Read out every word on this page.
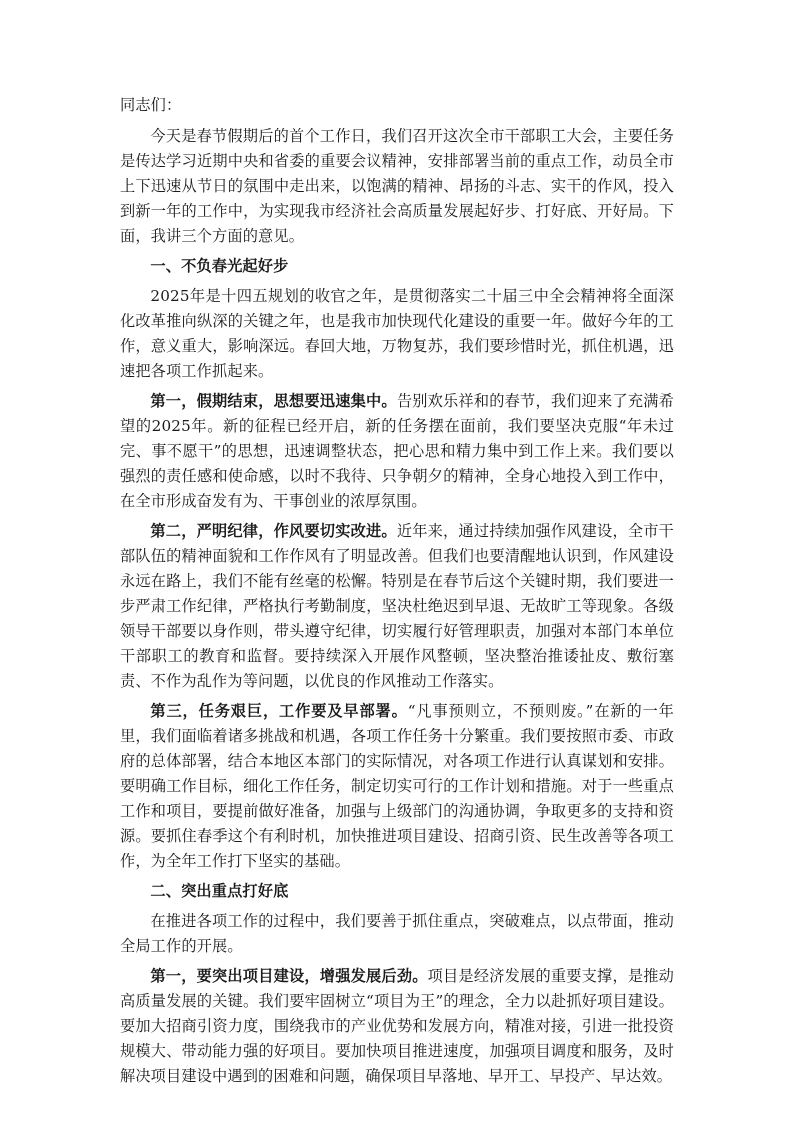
同志们：

今天是春节假期后的首个工作日，我们召开这次全市干部职工大会，主要任务是传达学习近期中央和省委的重要会议精神，安排部署当前的重点工作，动员全市上下迅速从节日的氛围中走出来，以饱满的精神、昂扬的斗志、实干的作风，投入到新一年的工作中，为实现我市经济社会高质量发展起好步、打好底、开好局。下面，我讲三个方面的意见。

一、不负春光起好步

2025年是十四五规划的收官之年，是贯彻落实二十届三中全会精神将全面深化改革推向纵深的关键之年，也是我市加快现代化建设的重要一年。做好今年的工作，意义重大，影响深远。春回大地，万物复苏，我们要珍惜时光，抓住机遇，迅速把各项工作抓起来。

第一，假期结束，思想要迅速集中。告别欢乐祥和的春节，我们迎来了充满希望的2025年。新的征程已经开启，新的任务摆在面前，我们要坚决克服“年未过完、事不愿干”的思想，迅速调整状态，把心思和精力集中到工作上来。我们要以强烈的责任感和使命感，以时不我待、只争朝夕的精神，全身心地投入到工作中，在全市形成奋发有为、干事创业的浓厚氛围。

第二，严明纪律，作风要切实改进。近年来，通过持续加强作风建设，全市干部队伍的精神面貌和工作作风有了明显改善。但我们也要清醒地认识到，作风建设永远在路上，我们不能有丝毫的松懈。特别是在春节后这个关键时期，我们要进一步严肃工作纪律，严格执行考勤制度，坚决杜绝迟到早退、无故旷工等现象。各级领导干部要以身作则，带头遵守纪律，切实履行好管理职责，加强对本部门本单位干部职工的教育和监督。要持续深入开展作风整顿，坚决整治推诿扯皮、敷衍塞责、不作为乱作为等问题，以优良的作风推动工作落实。

第三，任务艰巨，工作要及早部署。“凡事预则立，不预则废。”在新的一年里，我们面临着诸多挑战和机遇，各项工作任务十分繁重。我们要按照市委、市政府的总体部署，结合本地区本部门的实际情况，对各项工作进行认真谋划和安排。要明确工作目标，细化工作任务，制定切实可行的工作计划和措施。对于一些重点工作和项目，要提前做好准备，加强与上级部门的沟通协调，争取更多的支持和资源。要抓住春季这个有利时机，加快推进项目建设、招商引资、民生改善等各项工作，为全年工作打下坚实的基础。

二、突出重点打好底

在推进各项工作的过程中，我们要善于抓住重点，突破难点，以点带面，推动全局工作的开展。

第一，要突出项目建设，增强发展后劲。项目是经济发展的重要支撑，是推动高质量发展的关键。我们要牢固树立“项目为王”的理念，全力以赴抓好项目建设。要加大招商引资力度，围绕我市的产业优势和发展方向，精准对接，引进一批投资规模大、带动能力强的好项目。要加快项目推进速度，加强项目调度和服务，及时解决项目建设中遇到的困难和问题，确保项目早落地、早开工、早投产、早达效。
